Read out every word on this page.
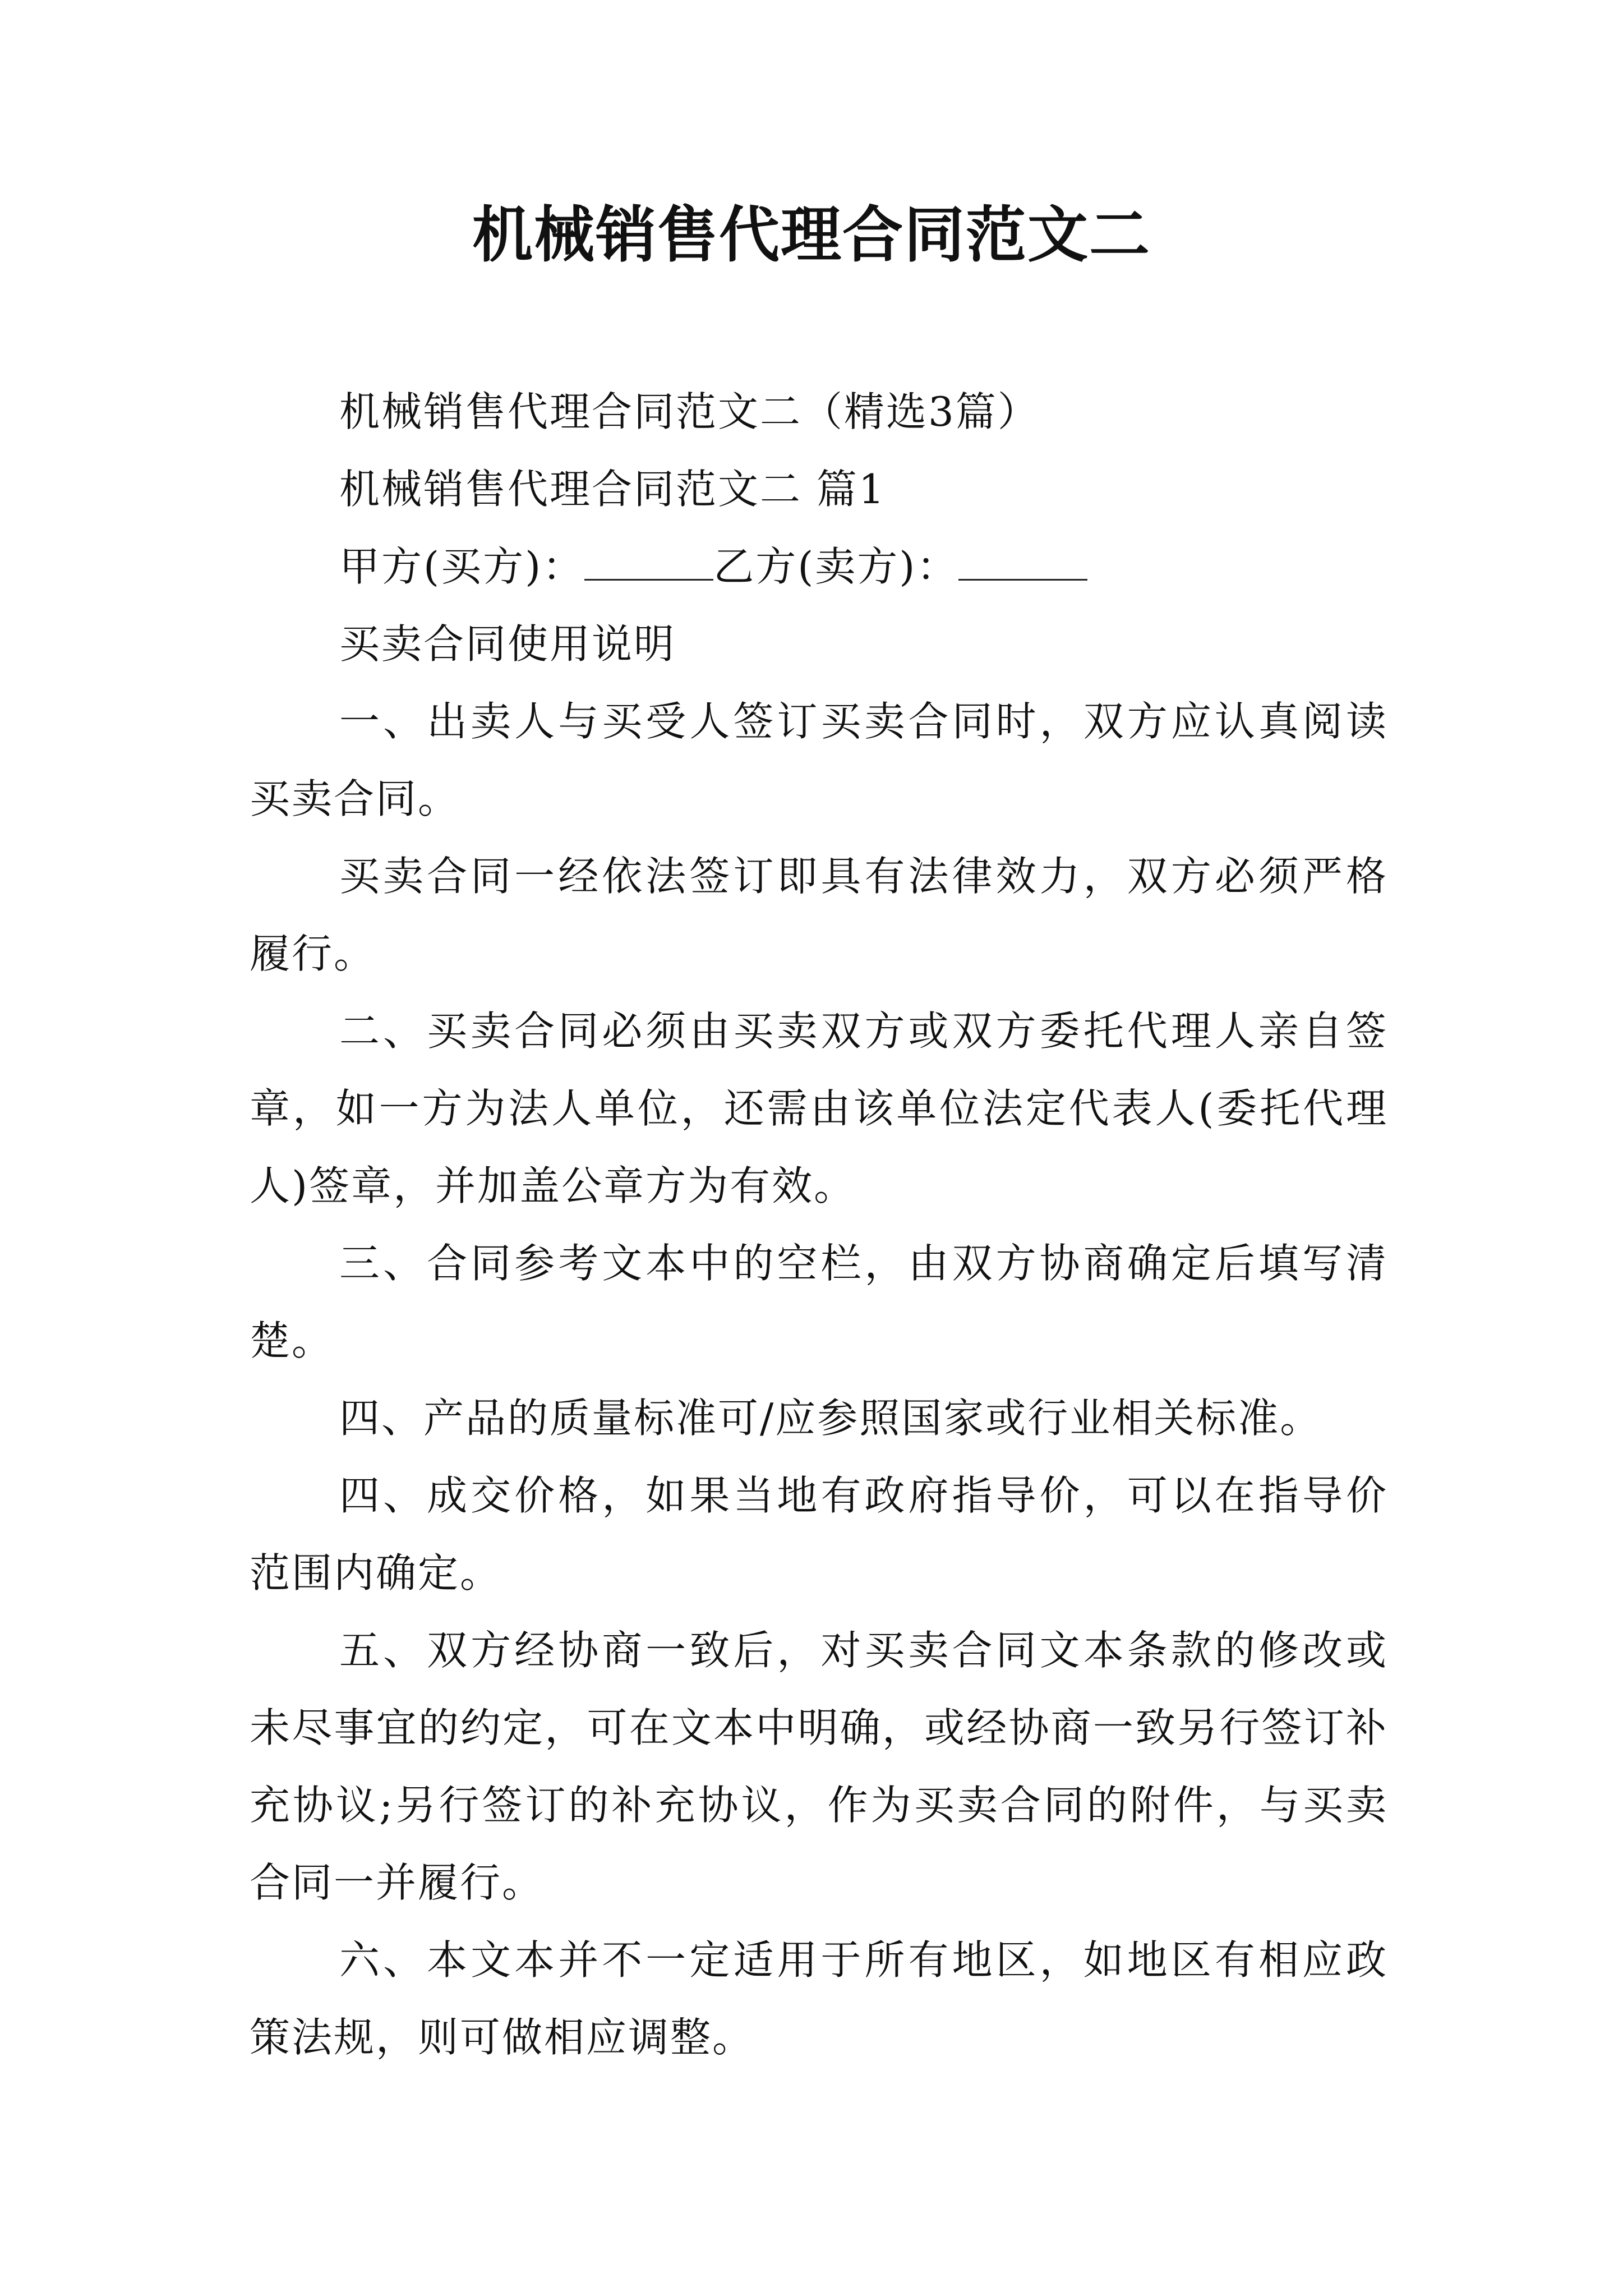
机械销售代理合同范文二

机械销售代理合同范文二（精选3篇）

机械销售代理合同范文二 篇1

甲方(买方)：	乙方(卖方)：

买卖合同使用说明

一、出卖人与买受人签订买卖合同时，双方应认真阅读买卖合同。

买卖合同一经依法签订即具有法律效力，双方必须严格履行。

二、买卖合同必须由买卖双方或双方委托代理人亲自签章，如一方为法人单位，还需由该单位法定代表人(委托代理人)签章，并加盖公章方为有效。

三、合同参考文本中的空栏，由双方协商确定后填写清楚。

四、产品的质量标准可/应参照国家或行业相关标准。

四、成交价格，如果当地有政府指导价，可以在指导价范围内确定。

五、双方经协商一致后，对买卖合同文本条款的修改或未尽事宜的约定，可在文本中明确，或经协商一致另行签订补充协议;另行签订的补充协议，作为买卖合同的附件，与买卖合同一并履行。

六、本文本并不一定适用于所有地区，如地区有相应政策法规，则可做相应调整。
